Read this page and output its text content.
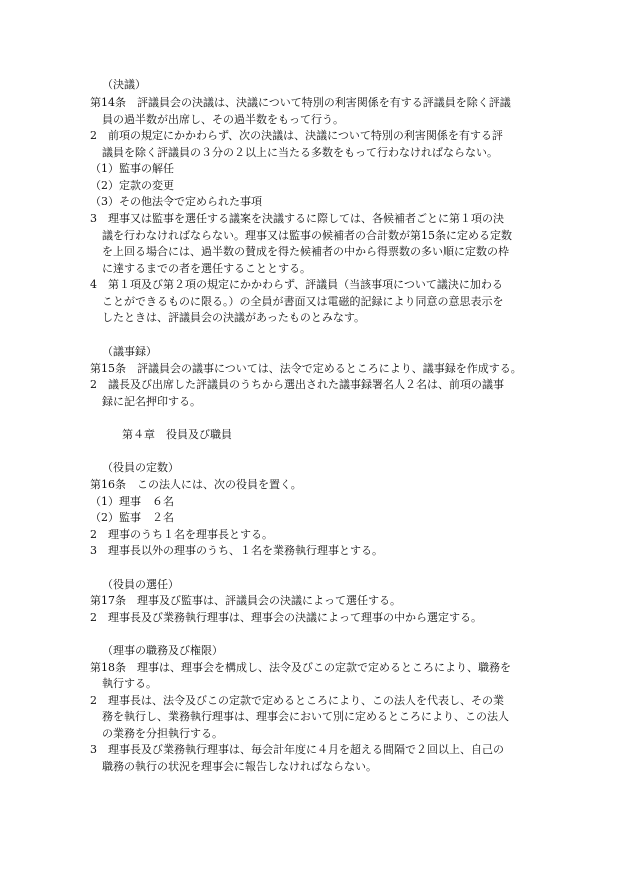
（決議）
第14条　評議員会の決議は、決議について特別の利害関係を有する評議員を除く評議
員の過半数が出席し、その過半数をもって行う。
2　前項の規定にかかわらず、次の決議は、決議について特別の利害関係を有する評
議員を除く評議員の３分の２以上に当たる多数をもって行わなければならない。
（1）監事の解任
（2）定款の変更
（3）その他法令で定められた事項
3　理事又は監事を選任する議案を決議するに際しては、各候補者ごとに第１項の決
議を行わなければならない。理事又は監事の候補者の合計数が第15条に定める定数
を上回る場合には、過半数の賛成を得た候補者の中から得票数の多い順に定数の枠
に達するまでの者を選任することとする。
4　第１項及び第２項の規定にかかわらず、評議員（当該事項について議決に加わる
ことができるものに限る。）の全員が書面又は電磁的記録により同意の意思表示を
したときは、評議員会の決議があったものとみなす。
（議事録）
第15条　評議員会の議事については、法令で定めるところにより、議事録を作成する。
2　議長及び出席した評議員のうちから選出された議事録署名人２名は、前項の議事
録に記名押印する。
第４章　役員及び職員
（役員の定数）
第16条　この法人には、次の役員を置く。
（1）理事　６名
（2）監事　２名
2　理事のうち１名を理事長とする。
3　理事長以外の理事のうち、１名を業務執行理事とする。
（役員の選任）
第17条　理事及び監事は、評議員会の決議によって選任する。
2　理事長及び業務執行理事は、理事会の決議によって理事の中から選定する。
（理事の職務及び権限）
第18条　理事は、理事会を構成し、法令及びこの定款で定めるところにより、職務を
執行する。
2　理事長は、法令及びこの定款で定めるところにより、この法人を代表し、その業
務を執行し、業務執行理事は、理事会において別に定めるところにより、この法人
の業務を分担執行する。
3　理事長及び業務執行理事は、毎会計年度に４月を超える間隔で２回以上、自己の
職務の執行の状況を理事会に報告しなければならない。
